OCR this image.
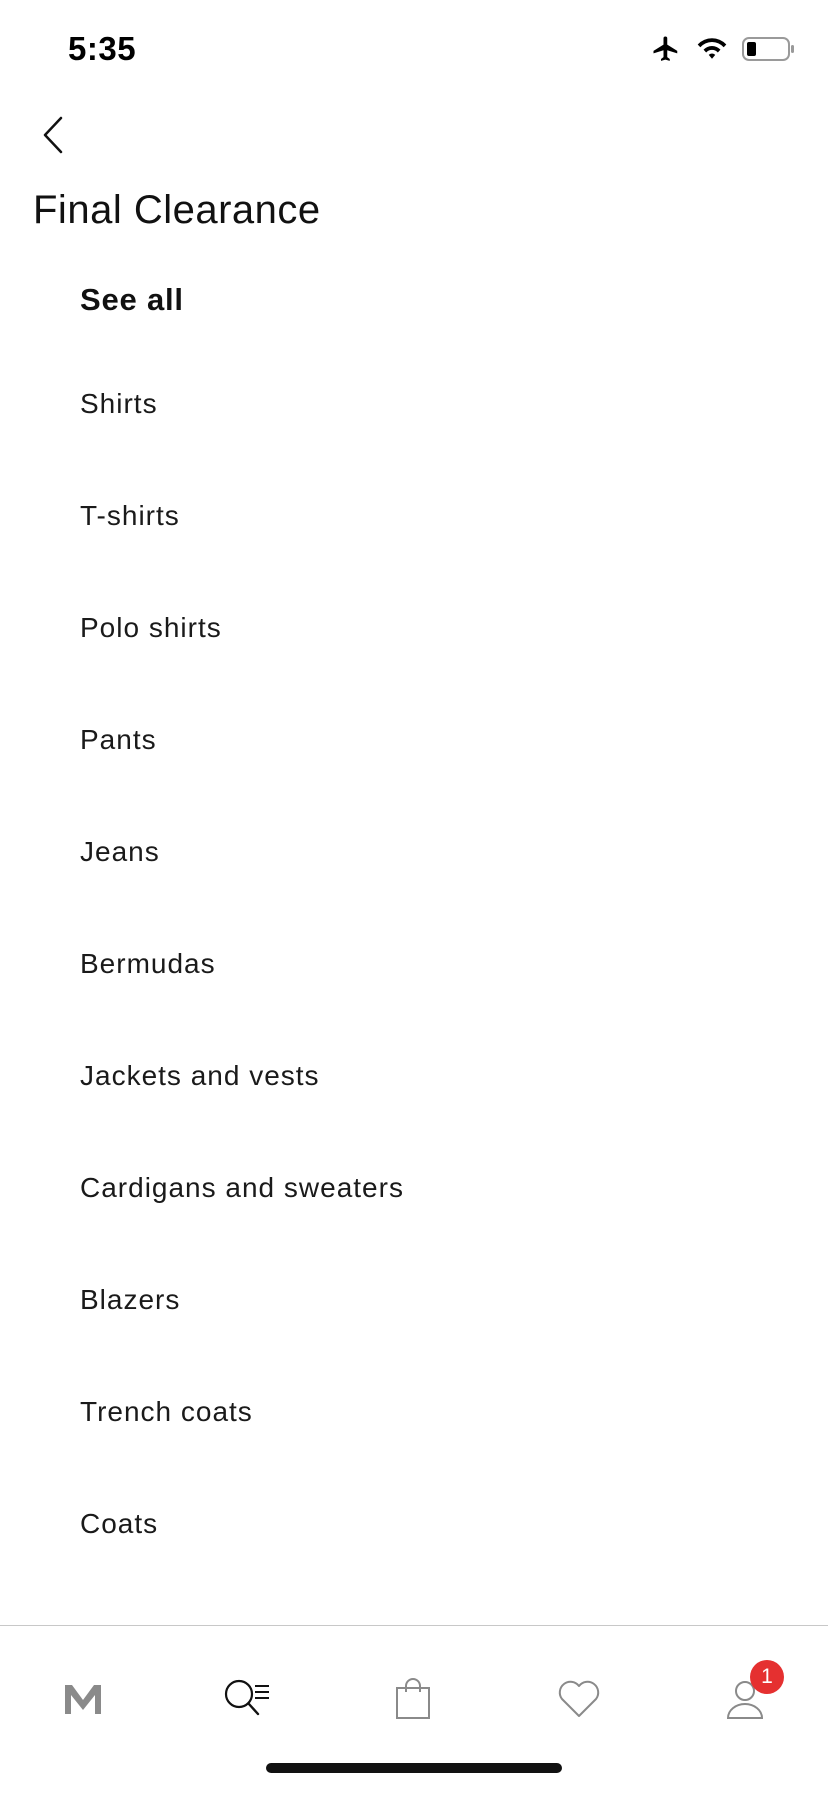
5:35
Final Clearance
See all
Shirts
T-shirts
Polo shirts
Pants
Jeans
Bermudas
Jackets and vests
Cardigans and sweaters
Blazers
Trench coats
Coats
1
